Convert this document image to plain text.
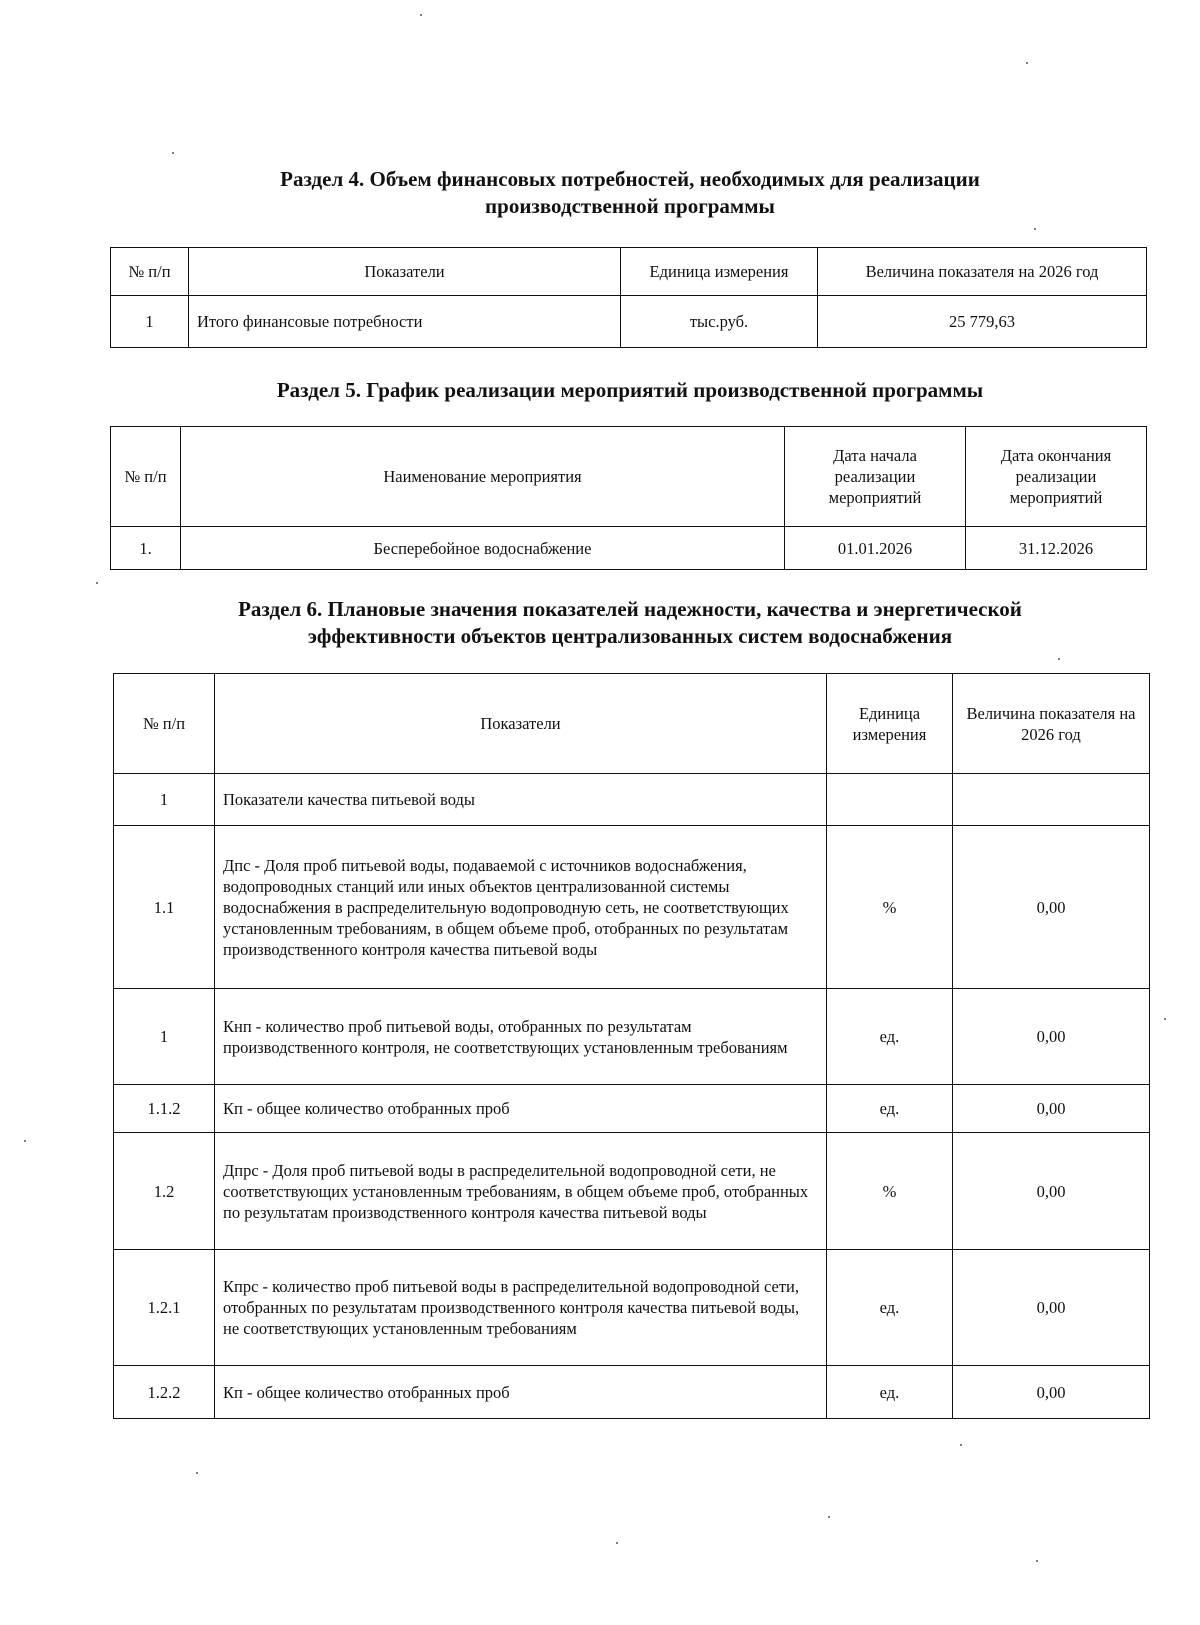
Раздел 4. Объем финансовых потребностей, необходимых для реализации
производственной программы
№ п/п	Показатели	Единица измерения	Величина показателя на 2026 год
1	Итого финансовые потребности	тыс.руб.	25 779,63
Раздел 5. График реализации мероприятий производственной программы
№ п/п	Наименование мероприятия	Дата начала реализации мероприятий	Дата окончания реализации мероприятий
1.	Бесперебойное водоснабжение	01.01.2026	31.12.2026
Раздел 6. Плановые значения показателей надежности, качества и энергетической
эффективности объектов централизованных систем водоснабжения
№ п/п	Показатели	Единица измерения	Величина показателя на 2026 год
1	Показатели качества питьевой воды		
1.1	Дпс - Доля проб питьевой воды, подаваемой с источников водоснабжения, водопроводных станций или иных объектов централизованной системы водоснабжения в распределительную водопроводную сеть, не соответствующих установленным требованиям, в общем объеме проб, отобранных по результатам производственного контроля качества питьевой воды	%	0,00
1	Кнп - количество проб питьевой воды, отобранных по результатам производственного контроля, не соответствующих установленным требованиям	ед.	0,00
1.1.2	Кп - общее количество отобранных проб	ед.	0,00
1.2	Дпрс - Доля проб питьевой воды в распределительной водопроводной сети, не соответствующих установленным требованиям, в общем объеме проб, отобранных по результатам производственного контроля качества питьевой воды	%	0,00
1.2.1	Кпрс - количество проб питьевой воды в распределительной водопроводной сети, отобранных по результатам производственного контроля качества питьевой воды, не соответствующих установленным требованиям	ед.	0,00
1.2.2	Кп - общее количество отобранных проб	ед.	0,00
